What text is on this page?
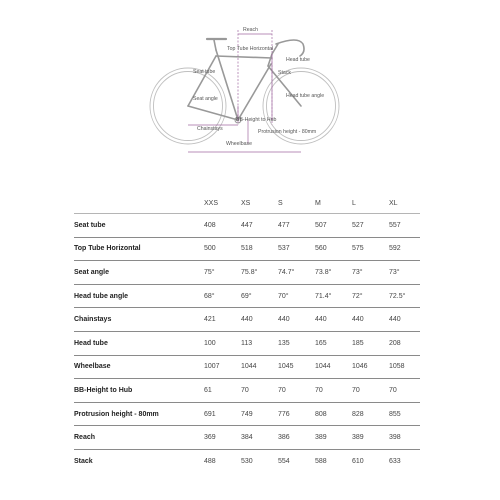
Reach
Top Tube Horizontal
Seat tube
Head tube
Stack
Seat angle	Head tube angle
BB-Height to Hub
Chainstays	Protrusion height - 80mm
Wheelbase
	XXS	XS	S	M	L	XL
Seat tube	408	447	477	507	527	557
Top Tube Horizontal	500	518	537	560	575	592
Seat angle	75°	75.8°	74.7°	73.8°	73°	73°
Head tube angle	68°	69°	70°	71.4°	72°	72.5°
Chainstays	421	440	440	440	440	440
Head tube	100	113	135	165	185	208
Wheelbase	1007	1044	1045	1044	1046	1058
BB-Height to Hub	61	70	70	70	70	70
Protrusion height - 80mm	691	749	776	808	828	855
Reach	369	384	386	389	389	398
Stack	488	530	554	588	610	633
